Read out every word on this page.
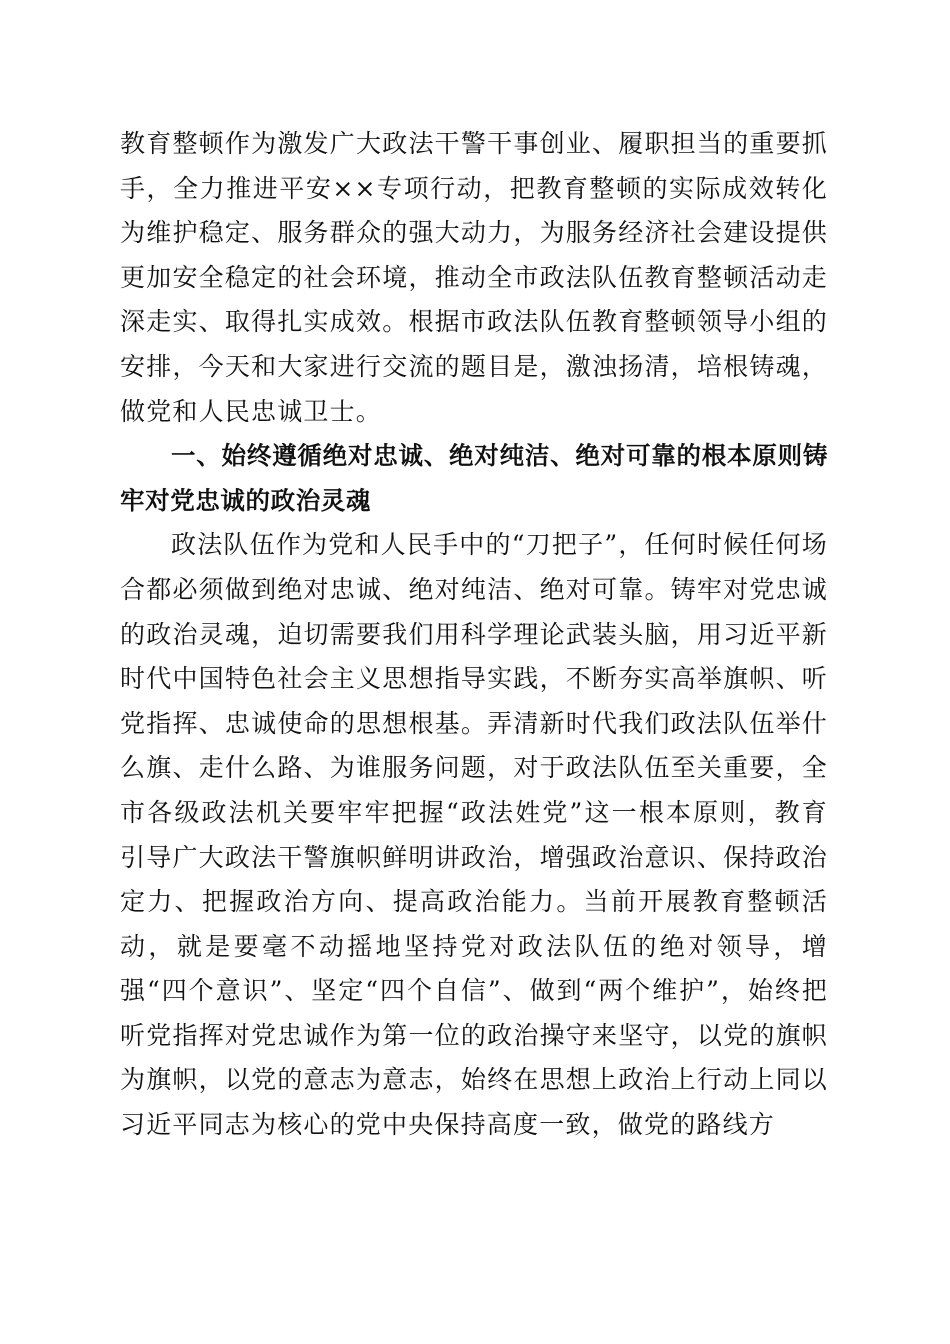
教育整顿作为激发广大政法干警干事创业、履职担当的重要抓手，全力推进平安××专项行动，把教育整顿的实际成效转化为维护稳定、服务群众的强大动力，为服务经济社会建设提供更加安全稳定的社会环境，推动全市政法队伍教育整顿活动走深走实、取得扎实成效。根据市政法队伍教育整顿领导小组的安排，今天和大家进行交流的题目是，激浊扬清，培根铸魂，做党和人民忠诚卫士。

一、始终遵循绝对忠诚、绝对纯洁、绝对可靠的根本原则铸牢对党忠诚的政治灵魂

政法队伍作为党和人民手中的“刀把子”，任何时候任何场合都必须做到绝对忠诚、绝对纯洁、绝对可靠。铸牢对党忠诚的政治灵魂，迫切需要我们用科学理论武装头脑，用习近平新时代中国特色社会主义思想指导实践，不断夯实高举旗帜、听党指挥、忠诚使命的思想根基。弄清新时代我们政法队伍举什么旗、走什么路、为谁服务问题，对于政法队伍至关重要，全市各级政法机关要牢牢把握“政法姓党”这一根本原则，教育引导广大政法干警旗帜鲜明讲政治，增强政治意识、保持政治定力、把握政治方向、提高政治能力。当前开展教育整顿活动，就是要毫不动摇地坚持党对政法队伍的绝对领导，增强“四个意识”、坚定“四个自信”、做到“两个维护”，始终把听党指挥对党忠诚作为第一位的政治操守来坚守，以党的旗帜为旗帜，以党的意志为意志，始终在思想上政治上行动上同以习近平同志为核心的党中央保持高度一致，做党的路线方
